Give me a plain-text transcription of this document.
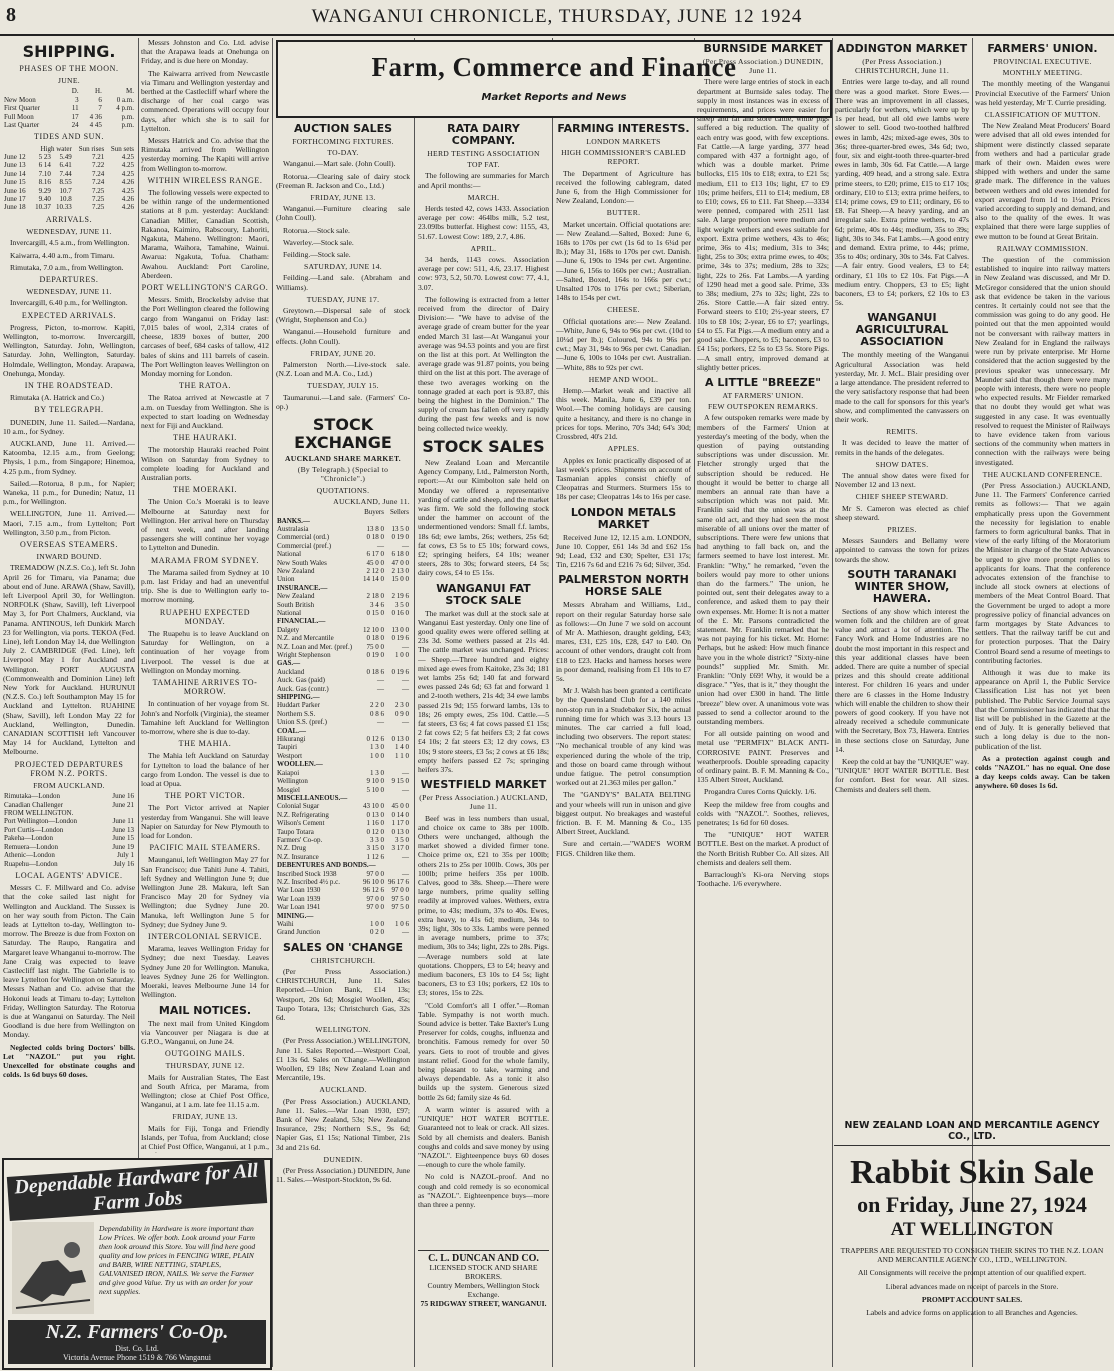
8	WANGANUI CHRONICLE, THURSDAY, JUNE 12 1924
Farm, Commerce and Finance
Market Reports and News
SHIPPING.
PHASES OF THE MOON.
JUNE.
	D.	H.	M.
New Moon	3	6	0 a.m.
First Quarter	11	7	4 p.m.
Full Moon	17	4 36	p.m.
Last Quarter	24	4 45	p.m.
TIDES AND SUN.
	High water		Sun rises	Sun sets
June 12	5 23	5.49	7.21	4.25
June 13	6 14	6.41	7.22	4.25
June 14	7.10	7.44	7.24	4.25
June 15	8.16	8.55	7.24	4.26
June 16	9.29	10.7	7.25	4.25
June 17	9.40	10.8	7.25	4.26
June 18	10.37	10.33	7.25	4.26
ARRIVALS.
WEDNESDAY, JUNE 11.

Invercargill, 4.5 a.m., from Wellington.

Kaiwarra, 4.40 a.m., from Timaru.

Rimutaka, 7.0 a.m., from Wellington.

DEPARTURES.
WEDNESDAY, JUNE 11.

Invercargill, 6.40 p.m., for Wellington.

EXPECTED ARRIVALS.

Progress, Picton, to-morrow. Kapiti, Wellington, to-morrow. Invercargill, Wellington, Saturday. John, Wellington, Saturday. John, Wellington, Saturday. Holmdale, Wellington, Monday. Arapawa, Onehunga, Monday.

IN THE ROADSTEAD.

Rimutaka (A. Hatrick and Co.)

BY TELEGRAPH.

DUNEDIN, June 11. Sailed.—Nardana, 10 a.m., for Sydney.

AUCKLAND, June 11. Arrived.—Katoomba, 12.15 a.m., from Geelong; Physis, 1 p.m., from Singapore; Hinemoa, 4.25 p.m., from Sydney.

Sailed.—Rotorua, 8 p.m., for Napier; Waneka, 11 p.m., for Dunedin; Natuz, 11 p.m., for Wellington.

WELLINGTON, June 11. Arrived.—Maori, 7.15 a.m., from Lyttelton; Port Wellington, 3.50 p.m., from Picton.

OVERSEAS STEAMERS.
INWARD BOUND.

TREMADOW (N.Z.S. Co.), left St. John April 26 for Timaru, via Panama; due about end of June. ARAWA (Shaw, Savill), left Liverpool April 30, for Wellington. NORFOLK (Shaw, Savill), left Liverpool May 3, for Port Chalmers, Auckland, via Panama. ANTINOUS, left Dunkirk March 23 for Wellington, via ports. TEKOA (Fed. Line), left London May 14, due Wellington July 2. CAMBRIDGE (Fed. Line), left Liverpool May 1 for Auckland and Wellington. PORT AUGUSTA (Commonwealth and Dominion Line) left New York for Auckland. HURUNUI (N.Z.S. Co.) left Southampton May 15 for Auckland and Lyttelton. RUAHINE (Shaw, Savill), left London May 22 for Auckland, Wellington, Dunedin. CANADIAN SCOTTISH left Vancouver May 14 for Auckland, Lyttelton and Melbourne.

PROJECTED DEPARTURES FROM N.Z. PORTS.
FROM AUCKLAND.
Rimutaka—London	June 16
Canadian Challenger	June 21
FROM WELLINGTON.	
Port Wellington—London	June 11
Port Curtis—London	June 13
Pakeha—London	June 15
Remuera—London	June 19
Athenic—London	July 1
Ruapehu—London	July 16
LOCAL AGENTS' ADVICE.

Messrs C. F. Millward and Co. advise that the coke sailed last night for Wellington and Auckland. The Sussex is on her way south from Picton. The Cain leads at Lyttelton to-day, Wellington to-morrow. The Breeze is due from Foxton on Saturday. The Raupo, Rangatira and Margaret leave Whanganui to-morrow. The Jane Craig was expected to leave Castlecliff last night. The Gabrielle is to leave Lyttelton for Wellington on Saturday. Messrs Nathan and Co. advise that the Hokonui leads at Timaru to-day; Lyttelton Friday, Wellington Saturday. The Rotorua is due at Wanganui on Saturday. The Neil Goodland is due here from Wellington on Monday.

Neglected colds bring Doctors' bills. Let "NAZOL" put you right. Unexcelled for obstinate coughs and colds. 1s 6d buys 60 doses.

Messrs Johnston and Co. Ltd. advise that the Arapawa leads at Onehunga on Friday, and is due here on Monday.

The Kaiwarra arrived from Newcastle via Timaru and Wellington yesterday and berthed at the Castlecliff wharf where the discharge of her coal cargo was commenced. Operations will occupy four days, after which she is to sail for Lyttelton.

Messrs Hatrick and Co. advise that the Rimutaka arrived from Wellington yesterday morning. The Kapiti will arrive from Wellington to-morrow.

WITHIN WIRELESS RANGE.

The following vessels were expected to be within range of the undermentioned stations at 8 p.m. yesterday: Auckland: Canadian Miller, Canadian Scottish, Rakanoa, Kaimiro, Rabscoury, Lahoriti, Ngakuta, Maheno. Wellington: Maori, Marama, Waihora, Tamahine, Wainui. Awarua: Ngakuta, Tofua. Chatham: Awahou. Auckland: Port Caroline, Aberdeen.

PORT WELLINGTON'S CARGO.

Messrs. Smith, Brockelsby advise that the Port Wellington cleared the following cargo from Wanganui on Friday last: 7,015 bales of wool, 2,314 crates of cheese, 1839 boxes of butter, 200 carcases of beef, 684 casks of tallow, 412 bales of skins and 111 barrels of casein. The Port Wellington leaves Wellington on Monday morning for London.

THE RATOA.

The Ratoa arrived at Newcastle at 7 a.m. on Tuesday from Wellington. She is expected to start loading on Wednesday next for Fiji and Auckland.

THE HAURAKI.

The motorship Hauraki reached Point Wilson on Saturday from Sydney to complete loading for Auckland and Australian ports.

THE MOERAKI.

The Union Co.'s Moeraki is to leave Melbourne at Saturday next for Wellington. Her arrival here on Thursday of next week, and after landing passengers she will continue her voyage to Lyttelton and Dunedin.

MARAMA FROM SYDNEY.

The Marama sailed from Sydney at 10 p.m. last Friday and had an uneventful trip. She is due to Wellington early to-morrow morning.

RUAPEHU EXPECTED MONDAY.

The Ruapehu is to leave Auckland on Saturday for Wellington, on a continuation of her voyage from Liverpool. The vessel is due at Wellington on Monday morning.

TAMAHINE ARRIVES TO-MORROW.

In continuation of her voyage from St. John's and Norfolk (Virginia), the steamer Tamahine left Auckland for Wellington to-morrow, where she is due to-day.

THE MAHIA.

The Mahia left Auckland on Saturday for Lyttelton to load the balance of her cargo from London. The vessel is due to load at Opua.

THE PORT VICTOR.

The Port Victor arrived at Napier yesterday from Wanganui. She will leave Napier on Saturday for New Plymouth to load for London.

PACIFIC MAIL STEAMERS.

Maunganui, left Wellington May 27 for San Francisco; due Tahiti June 4. Tahiti, left Sydney and Wellington June 9; due Wellington June 28. Makura, left San Francisco May 20 for Sydney via Wellington; due Sydney June 20. Manuka, left Wellington June 5 for Sydney; due Sydney June 9.

INTERCOLONIAL SERVICE.

Marama, leaves Wellington Friday for Sydney; due next Tuesday. Leaves Sydney June 20 for Wellington. Manuka, leaves Sydney June 26 for Wellington. Moeraki, leaves Melbourne June 14 for Wellington.

MAIL NOTICES.

The next mail from United Kingdom via Vancouver per Niagara is due at G.P.O., Wanganui, on June 24.

OUTGOING MAILS.
THURSDAY, JUNE 12.

Mails for Australian States, The East and South Africa, per Marama, from Wellington; close at Chief Post Office, Wanganui, at 1 a.m. late fee 11.15 a.m.

FRIDAY, JUNE 13.

Mails for Fiji, Tonga and Friendly Islands, per Tofua, from Auckland; close at Chief Post Office, Wanganui, at 1 p.m.,

Dependable Hardware for All Farm Jobs
Dependability in Hardware is more important than Low Prices. We offer both. Look around your Farm then look around this Store. You will find here good quality and low prices in FENCING WIRE, PLAIN and BARB, WIRE NETTING, STAPLES, GALVANISED IRON, NAILS. We serve the Farmer and give good Value. Try us with an order for your next supplies.
N.Z. Farmers' Co-Op.
Dist. Co. Ltd.
Victoria Avenue Phone 1519 & 766 Wanganui
AUCTION SALES
FORTHCOMING FIXTURES.
TO-DAY.

Wanganui.—Mart sale. (John Coull).

Rotorua.—Clearing sale of dairy stock (Freeman R. Jackson and Co., Ltd.)

FRIDAY, JUNE 13.

Wanganui.—Furniture clearing sale (John Coull).

Rotorua.—Stock sale.

Waverley.—Stock sale.

Feilding.—Stock sale.

SATURDAY, JUNE 14.

Feilding.—Land sale. (Abraham and Williams).

TUESDAY, JUNE 17.

Greytown.—Dispersal sale of stock (Wright, Stephenson and Co.)

Wanganui.—Household furniture and effects. (John Coull).

FRIDAY, JUNE 20.

Palmerston North.—Live-stock sale. (N.Z. Loan and M.A. Co., Ltd.)

TUESDAY, JULY 15.

Taumarunui.—Land sale. (Farmers' Co-op.)

STOCK EXCHANGE
AUCKLAND SHARE MARKET.
(By Telegraph.) (Special to "Chronicle".)
QUOTATIONS.
AUCKLAND, June 11.
	Buyers	Sellers
BANKS.—		
Australasia	13 8 0	13 5 0
Commercial (ord.)	0 18 0	0 19 0
Commercial (pref.)	—	—
National	6 17 0	6 18 0
New South Wales	45 0 0	47 0 0
New Zealand	2 12 0	2 13 0
Union	14 14 0	15 0 0
INSURANCE.—		
New Zealand	2 18 0	2 19 6
South British	3 4 6	3 5 0
National	0 15 0	0 16 0
FINANCIAL.—		
Dalgety	12 10 0	13 0 0
N.Z. and Mercantile	0 18 0	0 19 6
N.Z. Loan and Mer. (pref.)	75 0 0	—
Wright Stephenson	0 19 0	1 0 0
GAS.—		
Auckland	0 18 6	0 19 6
Auck. Gas (paid)	—	—
Auck. Gas (contr.)	—	—
SHIPPING.—		
Huddart Parker	2 2 0	2 3 0
Northern S.S.	0 8 6	0 9 0
Union S.S. (pref.)	—	—
COAL.—		
Hikurangi	0 12 6	0 13 0
Taupiri	1 3 0	1 4 0
Westport	1 0 0	1 1 0
WOOLLEN.—		
Kaiapoi	1 3 0	—
Wellington	9 10 0	9 15 0
Mosgiel	5 10 0	—
MISCELLANEOUS.—		
Colonial Sugar	43 10 0	45 0 0
N.Z. Refrigerating	0 13 0	0 14 0
Wilson's Cement	1 16 0	1 17 0
Taupo Totara	0 12 0	0 13 0
Farmers' Co-op.	3 3 0	3 5 0
N.Z. Drug	3 15 0	3 17 0
N.Z. Insurance	1 12 6	—
DEBENTURES AND BONDS.—		
Inscribed Stock 1938	97 0 0	—
N.Z. Inscribed 4½ p.c.	96 10 0	96 17 6
War Loan 1930	96 12 6	97 0 0
War Loan 1939	97 0 0	97 5 0
War Loan 1941	97 0 0	97 5 0
MINING.—		
Waihi	1 0 0	1 0 6
Grand Junction	0 2 0	—
SALES ON 'CHANGE
CHRISTCHURCH.

(Per Press Association.) CHRISTCHURCH, June 11. Sales Reported.—Union Bank, £14 13s; Westport, 20s 6d; Mosgiel Woollen, 45s; Taupo Totara, 13s; Christchurch Gas, 32s 6d.

WELLINGTON.

(Per Press Association.) WELLINGTON, June 11. Sales Reported.—Westport Coal, £1 13s 6d. Sales on 'Change.—Wellington Woollen, £9 18s; New Zealand Loan and Mercantile, 19s.

AUCKLAND.

(Per Press Association.) AUCKLAND, June 11. Sales.—War Loan 1930, £97; Bank of New Zealand, 53s; New Zealand Insurance, 29s; Northern S.S., 9s 6d; Napier Gas, £1 15s; National Timber, 21s 3d and 21s 6d.

DUNEDIN.

(Per Press Association.) DUNEDIN, June 11. Sales.—Westport-Stockton, 9s 6d.

RATA DAIRY COMPANY.
HERD TESTING ASSOCIATION
TOP FAT.

The following are summaries for March and April months:—

MARCH.

Herds tested 42, cows 1433. Association average per cow: 464lbs milk, 5.2 test, 23.09lbs butterfat. Highest cow: 1155, 43, 51.67. Lowest Cow: 189, 2.7, 4.86.

APRIL.

34 herds, 1143 cows. Association average per cow: 511, 4.6, 23.17. Highest cow: 973, 5.2, 50.70. Lowest cow: 77, 4.1, 3.07.

The following is extracted from a letter received from the director of Dairy Division:— "We have to advise of the average grade of cream butter for the year ended March 31 last—At Wanganui your average was 94.53 points and you are first on the list at this port. At Wellington the average grade was 91.87 points, you being third on the list at this port. The average of these two averages working on the tonnage graded at each port is 93.87, this being the highest in the Dominion." The supply of cream has fallen off very rapidly during the past few weeks and is now being collected twice weekly.

STOCK SALES

New Zealand Loan and Mercantile Agency Company, Ltd., Palmerston North, report:—At our Kimbolton sale held on Monday we offered a representative yarding of cattle and sheep, and the market was firm. We sold the following stock under the hammer on account of the undermentioned vendors: Small f.f. lambs, 18s 6d; ewe lambs, 26s; wethers, 25s 6d; fat cows, £3 5s to £5 10s; forward cows, £2; springing heifers, £4 10s; weaner steers, 28s to 30s; forward steers, £4 5s; dairy cows, £4 to £5 15s.

WANGANUI FAT STOCK SALE

The market was dull at the stock sale at Wanganui East yesterday. Only one line of good quality ewes were offered selling at 23s 3d. Some wethers passed at 21s 4d. The cattle market was unchanged. Prices:— Sheep.—Three hundred and eighty mixed age ewes from Kaitoke, 23s 3d; 181 wet lambs 25s 6d; 140 fat and forward ewes passed 24s 6d; 63 fat and forward 1 and 2-tooth wethers, 21s 4d; 34 ewe lambs passed 21s 9d; 155 forward lambs, 13s to 18s; 26 empty ewes, 25s 10d. Cattle.—5 fat steers, £3 6s; 4 fat cows passed £1 15s; 2 fat cows £2; 5 fat heifers £3; 2 fat cows £4 10s; 2 fat steers £3; 12 dry cows, £3 10s; 9 store steers, £3 5s; 2 cows at £6 18s; empty heifers passed £2 7s; springing heifers 37s.

WESTFIELD MARKET
(Per Press Association.) AUCKLAND, June 11.

Beef was in less numbers than usual, and choice ox came to 38s per 100lb. Others were unchanged, although the market showed a divided firmer tone. Choice prime ox, £21 to 35s per 100lb; others 21s to 25s per 100lb. Cows, 30s per 100lb; prime heifers 35s per 100lb. Calves, good to 38s. Sheep.—There were large numbers, prime quality selling readily at improved values. Wethers, extra prime, to 43s; medium, 37s to 40s. Ewes, extra heavy, to 41s 6d; medium, 34s to 39s; light, 30s to 33s. Lambs were penned in average numbers, prime to 37s; medium, 30s to 34s; light, 22s to 28s. Pigs.—Average numbers sold at late quotations. Choppers, £3 to £4; heavy and medium baconers, £3 10s to £4 5s; light baconers, £3 to £3 10s; porkers, £2 10s to £3; stores, 15s to 22s.

"Cold Comfort's all I offer."—Roman Table. Sympathy is not worth much. Sound advice is better. Take Baxter's Lung Preserver for colds, coughs, influenza and bronchitis. Famous remedy for over 50 years. Gets to root of trouble and gives instant relief. Good for the whole family, being pleasant to take, warming and always dependable. As a tonic it also builds up the system. Generous sized bottle 2s 6d; family size 4s 6d.

A warm winter is assured with a "UNIQUE" HOT WATER BOTTLE. Guaranteed not to leak or crack. All sizes. Sold by all chemists and dealers. Banish coughs and colds and save money by using "NAZOL". Eighteenpence buys 60 doses—enough to cure the whole family.

No cold is NAZOL-proof. And no cough and cold remedy is so economical as "NAZOL". Eighteenpence buys—more than three a penny.

FARMING INTERESTS.
LONDON MARKETS
HIGH COMMISSIONER'S CABLED REPORT.

The Department of Agriculture has received the following cablegram, dated June 6, from the High Commissioner for New Zealand, London:—

BUTTER.

Market uncertain. Official quotations are:— New Zealand.—Salted, Boxed: June 6, 168s to 170s per cwt (1s 6d to 1s 6¼d per lb.); May 31, 168s to 170s per cwt. Danish.—June 6, 190s to 194s per cwt. Argentine.—June 6, 156s to 160s per cwt.; Australian.—Salted, Boxed, 164s to 166s per cwt.; Unsalted 170s to 176s per cwt.; Siberian, 148s to 154s per cwt.

CHEESE.

Official quotations are:— New Zealand.—White, June 6, 94s to 96s per cwt. (10d to 10¼d per lb.); Coloured, 94s to 96s per cwt.; May 31, 94s to 96s per cwt. Canadian.—June 6, 100s to 104s per cwt. Australian.—White, 88s to 92s per cwt.

HEMP AND WOOL.

Hemp.—Market weak and inactive all this week. Manila, June 6, £39 per ton. Wool.—The coming holidays are causing quite a hesitancy, and there is no change in prices for tops. Merino, 70's 34d; 64's 30d; Crossbred, 40's 21d.

APPLES.

Apples ex Ionic practically disposed of at last week's prices. Shipments on account of Tasmanian apples consist chiefly of Cleopatras and Sturmers. Sturmers 15s to 18s per case; Cleopatras 14s to 16s per case.

LONDON METALS MARKET

Received June 12, 12.15 a.m. LONDON, June 10. Copper, £61 14s 3d and £62 15s 9d; Lead, £32 and £30; Spelter, £31 17s; Tin, £216 7s 6d and £216 7s 6d; Silver, 35d.

PALMERSTON NORTH HORSE SALE

Messrs Abraham and Williams, Ltd., report on their regular Saturday horse sale as follows:—On June 7 we sold on account of Mr A. Mathieson, draught gelding, £43; mares, £31, £25 10s, £28, £47 to £40. On account of other vendors, draught colt from £18 to £23. Hacks and harness horses were in poor demand, realising from £1 10s to £7 5s.

Mr J. Walsh has been granted a certificate by the Queensland Club for a 140 miles non-stop run in a Studebaker Six, the actual running time for which was 3.13 hours 13 minutes. The car carried a full load, including two observers. The report states: "No mechanical trouble of any kind was experienced during the whole of the trip, and those on board came through without undue fatigue. The petrol consumption worked out at 21.363 miles per gallon."

The "GANDY'S" BALATA BELTING and your wheels will run in unison and give biggest output. No breakages and wasteful friction. B. F. M. Manning & Co., 135 Albert Street, Auckland.

Sure and certain.—"WADE'S WORM FIGS. Children like them.

BURNSIDE MARKET
(Per Press Association.) DUNEDIN, June 11.

There were large entries of stock in each department at Burnside sales today. The supply in most instances was in excess of requirements, and prices were easier for sheep and fat and store cattle, while pigs suffered a big reduction. The quality of each entry was good, with few exceptions. Fat Cattle.—A large yarding, 377 head compared with 437 a fortnight ago, of which was a double market. Prime bullocks, £15 10s to £18; extra, to £21 5s; medium, £11 to £13 10s; light, £7 to £9 10s; prime heifers, £11 to £14; medium, £8 to £10; cows, £6 to £11. Fat Sheep.—3334 were penned, compared with 2511 last sale. A large proportion were medium and light weight wethers and ewes suitable for export. Extra prime wethers, 43s to 46s; prime, 36s to 41s; medium, 31s to 34s; light, 25s to 30s; extra prime ewes, to 40s; prime, 34s to 37s; medium, 28s to 32s; light, 22s to 26s. Fat Lambs.—A yarding of 1290 head met a good sale. Prime, 33s to 38s; medium, 27s to 32s; light, 22s to 26s. Store Cattle.—A fair sized entry. Forward steers to £10; 2½-year steers, £7 10s to £8 10s; 2-year, £6 to £7; yearlings, £4 to £5. Fat Pigs.—A medium entry and a good sale. Choppers, to £5; baconers, £3 to £4 15s; porkers, £2 5s to £3 5s. Store Pigs.—A small entry, improved demand at slightly better prices.

A LITTLE "BREEZE"
AT FARMERS' UNION.
FEW OUTSPOKEN REMARKS.

A few outspoken remarks were made by members of the Farmers' Union at yesterday's meeting of the body, when the question of paying outstanding subscriptions was under discussion. Mr. Fletcher strongly urged that the subscription should be reduced. He thought it would be better to charge all members an annual rate than have a subscription which was not paid. Mr. Franklin said that the union was at the same old act, and they had seen the most miserable of all unions over the matter of subscriptions. There were few unions that had anything to fall back on, and the farmers seemed to have lost interest. Mr. Franklin: "Why," he remarked, "even the boilers would pay more to other unions than do the farmers." The union, he pointed out, sent their delegates away to a conference, and asked them to pay their own expenses. Mr. Horne: It is not a matter of the £. Mr. Parsons contradicted the statement. Mr. Franklin remarked that he was not paying for his ticket. Mr. Horne: Perhaps, but he asked: How much finance have you in the whole district? "Sixty-nine pounds!" supplied Mr. Smith. Mr. Franklin: "Only £69! Why, it would be a disgrace." "Yes, that is it," they thought the union had over £300 in hand. The little "breeze" blew over. A unanimous vote was passed to send a collector around to the outstanding members.

For all outside painting on wood and metal use "PERMFIX" BLACK ANTI-CORROSIVE PAINT. Preserves and weatherproofs. Double spreading capacity of ordinary paint. B. F. M. Manning & Co., 135 Albert Street, Auckland.

Progandra Cures Corns Quickly. 1/6.

Keep the mildew free from coughs and colds with "NAZOL". Soothes, relieves, penetrates; 1s 6d for 60 doses.

The "UNIQUE" HOT WATER BOTTLE. Best on the market. A product of the North British Rubber Co. All sizes. All chemists and dealers sell them.

Barraclough's Ki-ora Nerving stops Toothache. 1/6 everywhere.

ADDINGTON MARKET
(Per Press Association.) CHRISTCHURCH, June 11.

Entries were large to-day, and all round there was a good market. Store Ewes.—There was an improvement in all classes, particularly for wethers, which were up by 1s per head, but all old ewe lambs were slower to sell. Good two-toothed halfbred ewes in lamb, 42s; mixed-age ewes, 30s to 36s; three-quarter-bred ewes, 34s 6d; two, four, six and eight-tooth three-quarter-bred ewes in lamb, 30s 6d. Fat Cattle.—A large yarding, 409 head, and a strong sale. Extra prime steers, to £20; prime, £15 to £17 10s; ordinary, £10 to £13; extra prime heifers, to £14; prime cows, £9 to £11; ordinary, £6 to £8. Fat Sheep.—A heavy yarding, and an irregular sale. Extra prime wethers, to 47s 6d; prime, 40s to 44s; medium, 35s to 39s; light, 30s to 34s. Fat Lambs.—A good entry and demand. Extra prime, to 44s; prime, 35s to 40s; ordinary, 30s to 34s. Fat Calves.—A fair entry. Good vealers, £3 to £4; ordinary, £1 10s to £2 10s. Fat Pigs.—A medium entry. Choppers, £3 to £5; light baconers, £3 to £4; porkers, £2 10s to £3 5s.

WANGANUI AGRICULTURAL ASSOCIATION

The monthly meeting of the Wanganui Agricultural Association was held yesterday, Mr. J. McL. Blair presiding over a large attendance. The president referred to the very satisfactory response that had been made to the call for sponsors for this year's show, and complimented the canvassers on their work.

REMITS.

It was decided to leave the matter of remits in the hands of the delegates.

SHOW DATES.

The annual show dates were fixed for November 12 and 13 next.

CHIEF SHEEP STEWARD.

Mr S. Cameron was elected as chief sheep steward.

PRIZES.

Messrs Saunders and Bellamy were appointed to canvass the town for prizes towards the show.

SOUTH TARANAKI WINTER SHOW, HAWERA.

Sections of any show which interest the women folk and the children are of great value and attract a lot of attention. The Fancy Work and Home Industries are no doubt the most important in this respect and this year additional classes have been added. There are quite a number of special prizes and this should create additional interest. For children 16 years and under there are 6 classes in the Home Industry which will enable the children to show their powers of good cookery. If you have not already received a schedule communicate with the Secretary, Box 73, Hawera. Entries in these sections close on Saturday, June 14.

Keep the cold at bay the "UNIQUE" way. "UNIQUE" HOT WATER BOTTLE. Best for comfort. Best for wear. All sizes. Chemists and dealers sell them.

FARMERS' UNION.
PROVINCIAL EXECUTIVE.
MONTHLY MEETING.

The monthly meeting of the Wanganui Provincial Executive of the Farmers' Union was held yesterday, Mr T. Currie presiding.

CLASSIFICATION OF MUTTON.

The New Zealand Meat Producers' Board were advised that all old ewes intended for shipment were distinctly classed separate from wethers and had a particular grade mark of their own. Maiden ewes were shipped with wethers and under the same grade mark. The difference in the values between wethers and old ewes intended for export averaged from 1d to 1½d. Prices varied according to supply and demand, and also to the quality of the ewes. It was explained that there were large supplies of ewe mutton to be found at Great Britain.

RAILWAY COMMISSION.

The question of the commission established to inquire into railway matters in New Zealand was discussed, and Mr D. McGregor considered that the union should ask that evidence be taken in the various centres. It certainly could not see that the commission was going to do any good. He pointed out that the men appointed would not be conversant with railway matters in New Zealand for in England the railways were run by private enterprise. Mr Horne considered that the action suggested by the previous speaker was unnecessary. Mr Maunder said that though there were many people with interests, there were no people who expected results. Mr Fielder remarked that no doubt they would get what was suggested in any case. It was eventually resolved to request the Minister of Railways to have evidence taken from various sections of the community when matters in connection with the railways were being investigated.

THE AUCKLAND CONFERENCE.

(Per Press Association.) AUCKLAND, June 11. The Farmers' Conference carried remits as follows:— That we again emphatically press upon the Government the necessity for legislation to enable farmers to form agricultural banks. That in view of the early lifting of the Moratorium the Minister in charge of the State Advances be urged to give more prompt replies to applicants for loans. That the conference advocates extension of the franchise to include all stock owners at elections of members of the Meat Control Board. That the Government be urged to adopt a more progressive policy of financial advances on farm mortgages by State Advances to settlers. That the railway tariff be cut and for protection purposes. That the Dairy Control Board send a resume of meetings to contributing factories.

Although it was due to make its appearance on April 1, the Public Service Classification List has not yet been published. The Public Service Journal says that the Commissioner has indicated that the list will be published in the Gazette at the end of July. It is generally believed that such a long delay is due to the non-publication of the list.

As a protection against cough and colds "NAZOL" has no equal. One dose a day keeps colds away. Can be taken anywhere. 60 doses 1s 6d.

NEW ZEALAND LOAN AND MERCANTILE AGENCY CO., LTD.
Rabbit Skin Sale
on Friday, June 27, 1924
AT WELLINGTON
TRAPPERS ARE REQUESTED TO CONSIGN THEIR SKINS TO THE N.Z. LOAN AND MERCANTILE AGENCY CO., LTD., WELLINGTON.
All Consignments will receive the prompt attention of our qualified expert.
Liberal advances made on receipt of parcels in the Store.
PROMPT ACCOUNT SALES.
Labels and advice forms on application to all Branches and Agencies.
C. L. DUNCAN AND CO.
LICENSED STOCK AND SHARE BROKERS.
Country Members, Wellington Stock Exchange.
75 RIDGWAY STREET, WANGANUI.
